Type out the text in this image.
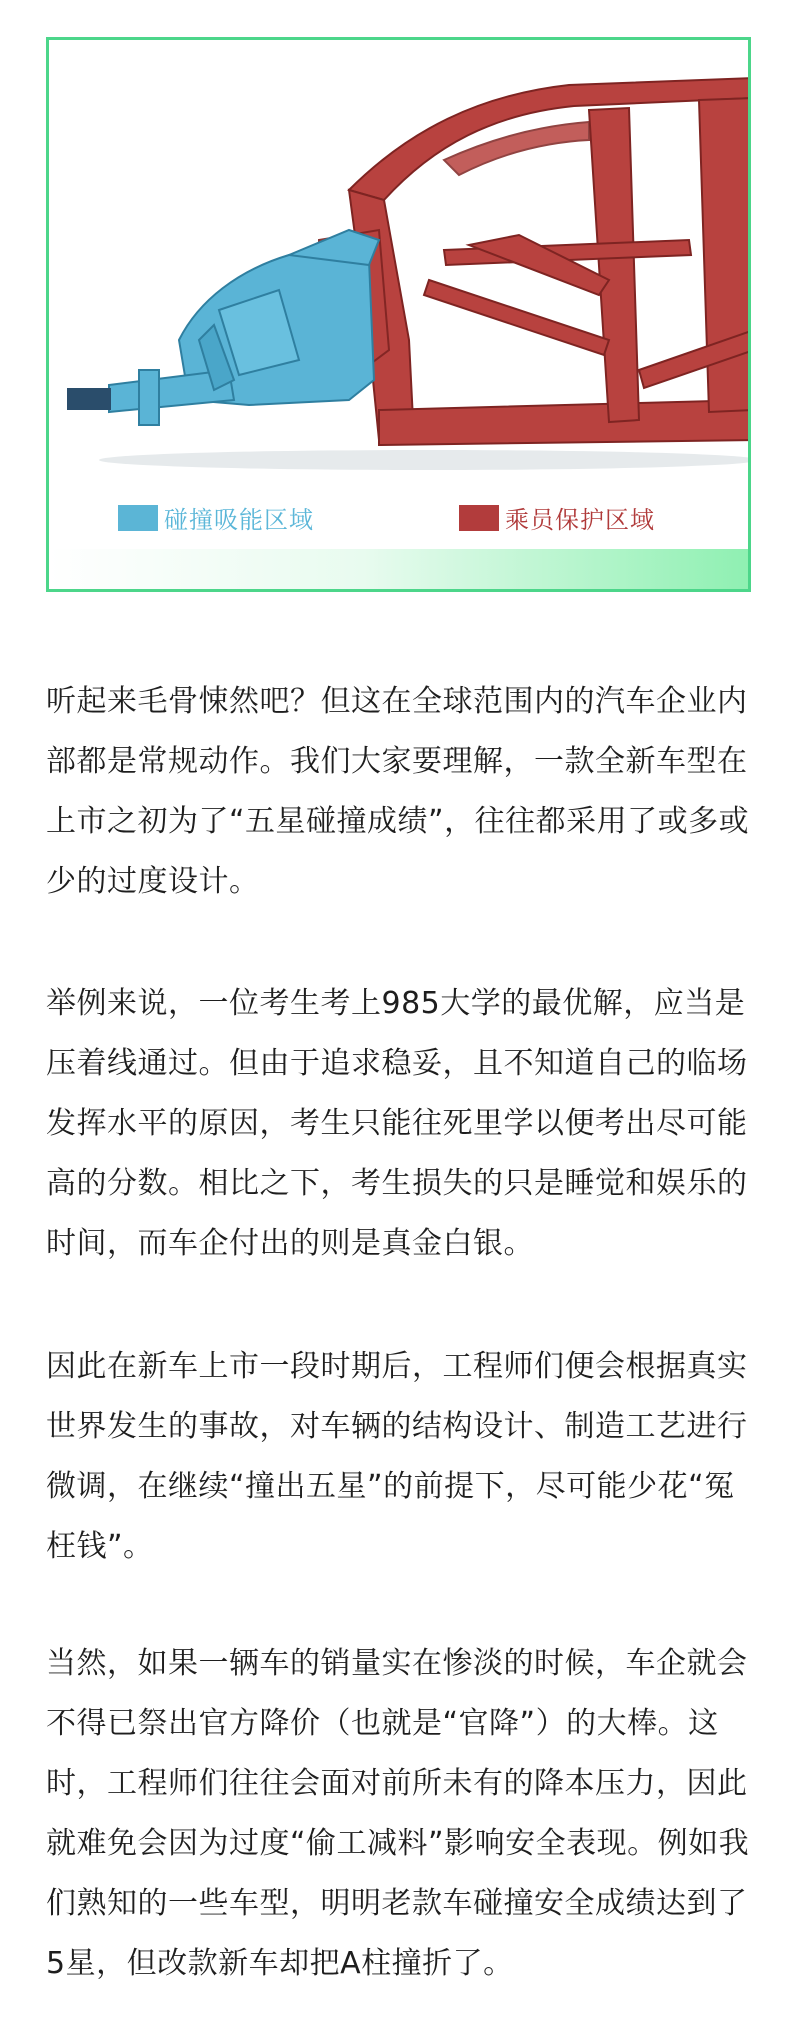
碰撞吸能区域	乘员保护区域

听起来毛骨悚然吧？但这在全球范围内的汽车企业内部都是常规动作。我们大家要理解，一款全新车型在上市之初为了“五星碰撞成绩”，往往都采用了或多或少的过度设计。

举例来说，一位考生考上985大学的最优解，应当是压着线通过。但由于追求稳妥，且不知道自己的临场发挥水平的原因，考生只能往死里学以便考出尽可能高的分数。相比之下，考生损失的只是睡觉和娱乐的时间，而车企付出的则是真金白银。

因此在新车上市一段时期后，工程师们便会根据真实世界发生的事故，对车辆的结构设计、制造工艺进行微调，在继续“撞出五星”的前提下，尽可能少花“冤枉钱”。

当然，如果一辆车的销量实在惨淡的时候，车企就会不得已祭出官方降价（也就是“官降”）的大棒。这时，工程师们往往会面对前所未有的降本压力，因此就难免会因为过度“偷工减料”影响安全表现。例如我们熟知的一些车型，明明老款车碰撞安全成绩达到了5星，但改款新车却把A柱撞折了。
